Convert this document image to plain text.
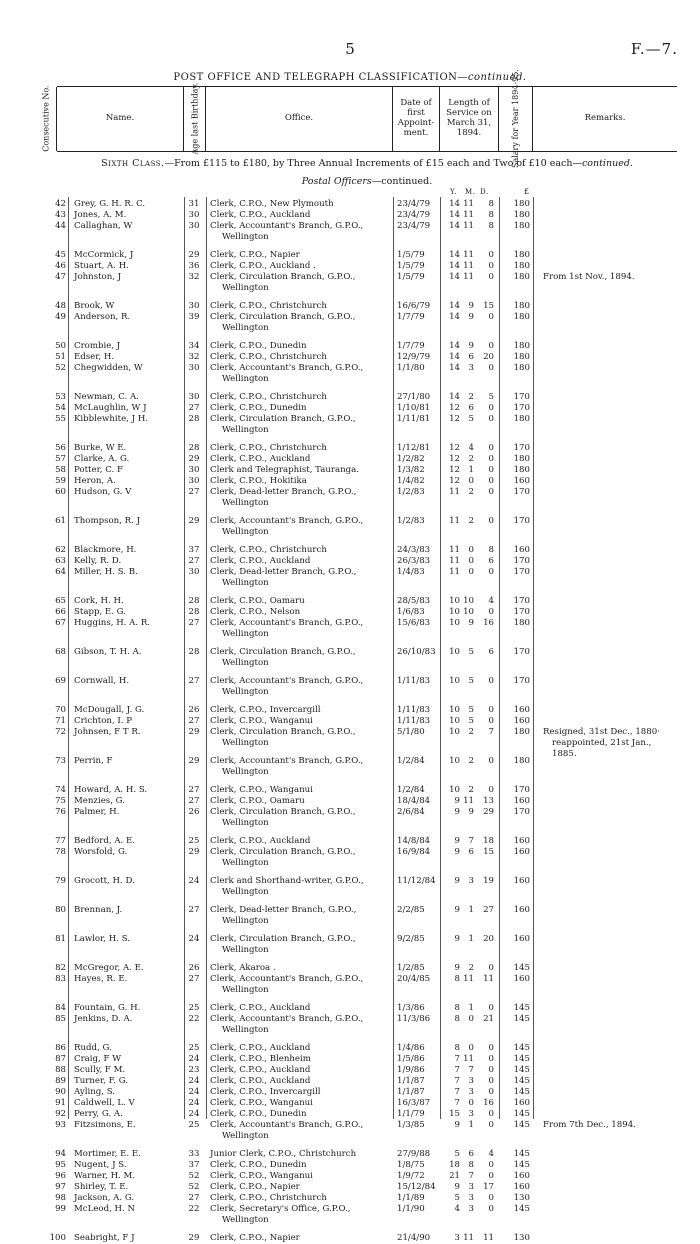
5	F.—7.
POST OFFICE AND TELEGRAPH CLASSIFICATION—continued.
Consecutive No.	Name.	Age last Birthday.	Office.
Date of first Appoint- ment.
Length of Service on March 31, 1894.	Salary for Year 1894-95.	Remarks.
Sixth Class.—From £115 to £180, by Three Annual Increments of £15 each and Two of £10 each—continued.
Postal Officers—continued.
Y. M. D.	£
42 Grey, G. H. R. C.	31	Clerk, C.P.O., New Plymouth	23/4/79	14 11	8	180
43 Jones, A. M.	30	Clerk, C.P.O., Auckland	23/4/79	14 11	8	180
44 Callaghan, W	30	Clerk, Accountant's Branch, G.P.O.,	23/4/79	14 11	8	180
Wellington
45 McCormick, J	29	Clerk, C.P.O., Napier	1/5/79	14 11	0	180
46 Stuart, A. H.	36	Clerk, C.P.O., Auckland .	1/5/79	14 11	0	180
47 Johnston, J	32	Clerk, Circulation Branch, G.P.O.,	1/5/79	14 11	0	180 From 1st Nov., 1894.
Wellington
48 Brook, W	30	Clerk, C.P.O., Christchurch	16/6/79	14 9	15	180
49 Anderson, R.	39	Clerk, Circulation Branch, G.P.O.,	1/7/79	14 9	0	180
Wellington
50 Crombie, J	34	Clerk, C.P.O., Dunedin	1/7/79	14 9	0	180
51 Edser, H.	32	Clerk, C.P.O., Christchurch	12/9/79	14 6	20	180
52 Chegwidden, W	30	Clerk, Accountant's Branch, G.P.O.,	1/1/80	14 3	0	180
Wellington
53 Newman, C. A.	30	Clerk, C.P.O., Christchurch	27/1/80	14 2	5	170
54 McLaughlin, W J	27	Clerk, C.P.O., Dunedin	1/10/81	12 6	0	170
55 Kibblewhite, J H.	28	Clerk, Circulation Branch, G.P.O.,	1/11/81	12 5	0	180
Wellington
56 Burke, W E.	28	Clerk, C.P.O., Christchurch	1/12/81	12 4	0	170
57 Clarke, A. G.	29	Clerk, C.P.O., Auckland	1/2/82	12 2	0	180
58 Potter, C. F	30	Clerk and Telegraphist, Tauranga.	1/3/82	12 1	0	180
59 Heron, A.	30	Clerk, C.P.O., Hokitika	1/4/82	12 0	0	160
60 Hudson, G. V	27	Clerk, Dead-letter Branch, G.P.O.,	1/2/83	11 2	0	170
Wellington
61 Thompson, R. J	29	Clerk, Accountant's Branch, G.P.O.,	1/2/83	11 2	0	170
Wellington
62 Blackmore, H.	37	Clerk, C.P.O., Christchurch	24/3/83	11 0	8	160
63 Kelly, R. D.	27	Clerk, C.P.O., Auckland	26/3/83	11 0	6	170
64 Miller, H. S. B.	30	Clerk, Dead-letter Branch, G.P.O.,	1/4/83	11 0	0	170
Wellington
65 Cork, H. H.	28	Clerk, C.P.O., Oamaru	28/5/83	10 10	4	170
66 Stapp, E. G.	28	Clerk, C.P.O., Nelson	1/6/83	10 10	0	170
67 Huggins, H. A. R.	27	Clerk, Accountant's Branch, G.P.O.,	15/6/83	10 9	16	180
Wellington
68 Gibson, T. H. A.	28	Clerk, Circulation Branch, G.P.O.,	26/10/83	10 5	6	170
Wellington
69 Cornwall, H.	27	Clerk, Accountant's Branch, G.P.O.,	1/11/83	10 5	0	170
Wellington
70 McDougall, J. G.	26	Clerk, C.P.O., Invercargill	1/11/83	10 5	0	160
71 Crichton, I. P	27	Clerk, C.P.O., Wanganui	1/11/83	10 5	0	160
72 Johnsen, F T R.	29	Clerk, Circulation Branch, G.P.O.,	5/1/80	10 2	7	180 Resigned, 31st Dec., 1880·
Wellington	reappointed, 21st Jan.,
1885.
73 Perrin, F	29	Clerk, Accountant's Branch, G.P.O.,	1/2/84	10 2	0	180
Wellington
74 Howard, A. H. S.	27	Clerk, C.P.O., Wanganui	1/2/84	10 2	0	170
75 Menzies, G.	27	Clerk, C.P.O., Oamaru	18/4/84	9 11	13	160
76 Palmer, H.	26	Clerk, Circulation Branch, G.P.O.,	2/6/84	9 9	29	170
Wellington
77 Bedford, A. E.	25	Clerk, C.P.O., Auckland	14/8/84	9 7	18	160
78 Worsfold, G.	29	Clerk, Circulation Branch, G.P.O.,	16/9/84	9 6	15	160
Wellington
79 Grocott, H. D.	24	Clerk and Shorthand-writer, G.P.O.,	11/12/84	9 3	19	160
Wellington
80 Brennan, J.	27	Clerk, Dead-letter Branch, G.P.O.,	2/2/85	9 1	27	160
Wellington
81 Lawlor, H. S.	24	Clerk, Circulation Branch, G.P.O.,	9/2/85	9 1	20	160
Wellington
82 McGregor, A. E.	26	Clerk, Akaroa .	1/2/85	9 2	0	145
83 Hayes, R. E.	27	Clerk, Accountant's Branch, G.P.O.,	20/4/85	8 11	11	160
Wellington
84 Fountain, G. H.	25	Clerk, C.P.O., Auckland	1/3/86	8 1	0	145
85 Jenkins, D. A.	22	Clerk, Accountant's Branch, G.P.O.,	11/3/86	8 0	21	145
Wellington
86 Rudd, G.	25	Clerk, C.P.O., Auckland	1/4/86	8 0	0	145
87 Craig, F W	24	Clerk, C.P.O., Blenheim	1/5/86	7 11	0	145
88 Scully, F M.	23	Clerk, C.P.O., Auckland	1/9/86	7 7	0	145
89 Turner, F. G.	24	Clerk, C.P.O., Auckland	1/1/87	7 3	0	145
90 Ayling, S.	24	Clerk, C.P.O., Invercargill	1/1/87	7 3	0	145
91 Caldwell, L. V	24	Clerk, C.P.O., Wanganui	16/3/87	7 0	16	160
92 Perry, G. A.	24	Clerk, C.P.O., Dunedin	1/1/79	15 3	0	145
93 Fitzsimons, E.	25	Clerk, Accountant's Branch, G.P.O.,	1/3/85	9 1	0	145 From 7th Dec., 1894.
Wellington
94 Mortimer, E. E.	33	Junior Clerk, C.P.O., Christchurch	27/9/88	5 6	4	145
95 Nugent, J S.	37	Clerk, C.P.O., Dunedin	1/8/75	18 8	0	145
96 Warner, H. M.	52	Clerk, C.P.O., Wanganui	1/9/72	21 7	0	160
97 Shirley, T. E.	52	Clerk, C.P.O., Napier	15/12/84	9 3	17	160
98 Jackson, A. G.	27	Clerk, C.P.O., Christchurch	1/1/89	5 3	0	130
99 McLeod, H. N	22	Clerk, Secretary's Office, G.P.O.,	1/1/90	4 3	0	145
Wellington
100 Seabright, F J	29	Clerk, C.P.O., Napier	21/4/90	3 11	11	130
